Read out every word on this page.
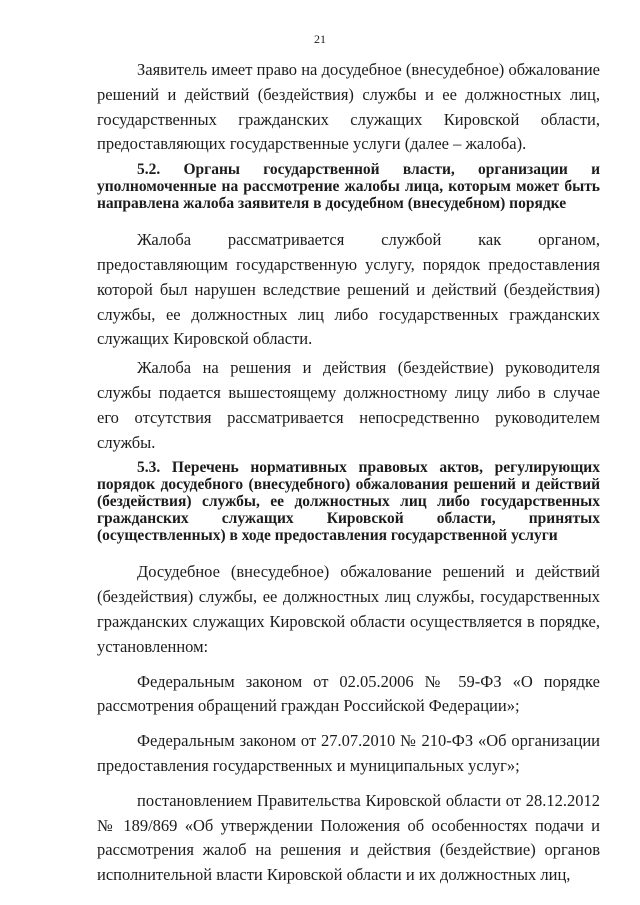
21

Заявитель имеет право на досудебное (внесудебное) обжалование решений и действий (бездействия) службы и ее должностных лиц, государственных гражданских служащих Кировской области, предоставляющих государственные услуги (далее – жалоба).

5.2. Органы государственной власти, организации и уполномоченные на рассмотрение жалобы лица, которым может быть направлена жалоба заявителя в досудебном (внесудебном) порядке

Жалоба рассматривается службой как органом, предоставляющим государственную услугу, порядок предоставления которой был нарушен вследствие решений и действий (бездействия) службы, ее должностных лиц либо государственных гражданских служащих Кировской области.

Жалоба на решения и действия (бездействие) руководителя службы подается вышестоящему должностному лицу либо в случае его отсутствия рассматривается непосредственно руководителем службы.

5.3. Перечень нормативных правовых актов, регулирующих порядок досудебного (внесудебного) обжалования решений и действий (бездействия) службы, ее должностных лиц либо государственных гражданских служащих Кировской области, принятых (осуществленных) в ходе предоставления государственной услуги

Досудебное (внесудебное) обжалование решений и действий (бездействия) службы, ее должностных лиц службы, государственных гражданских служащих Кировской области осуществляется в порядке, установленном:

Федеральным законом от 02.05.2006 № 59-ФЗ «О порядке рассмотрения обращений граждан Российской Федерации»;

Федеральным законом от 27.07.2010 № 210-ФЗ «Об организации предоставления государственных и муниципальных услуг»;

постановлением Правительства Кировской области от 28.12.2012 № 189/869 «Об утверждении Положения об особенностях подачи и рассмотрения жалоб на решения и действия (бездействие) органов исполнительной власти Кировской области и их должностных лиц,
